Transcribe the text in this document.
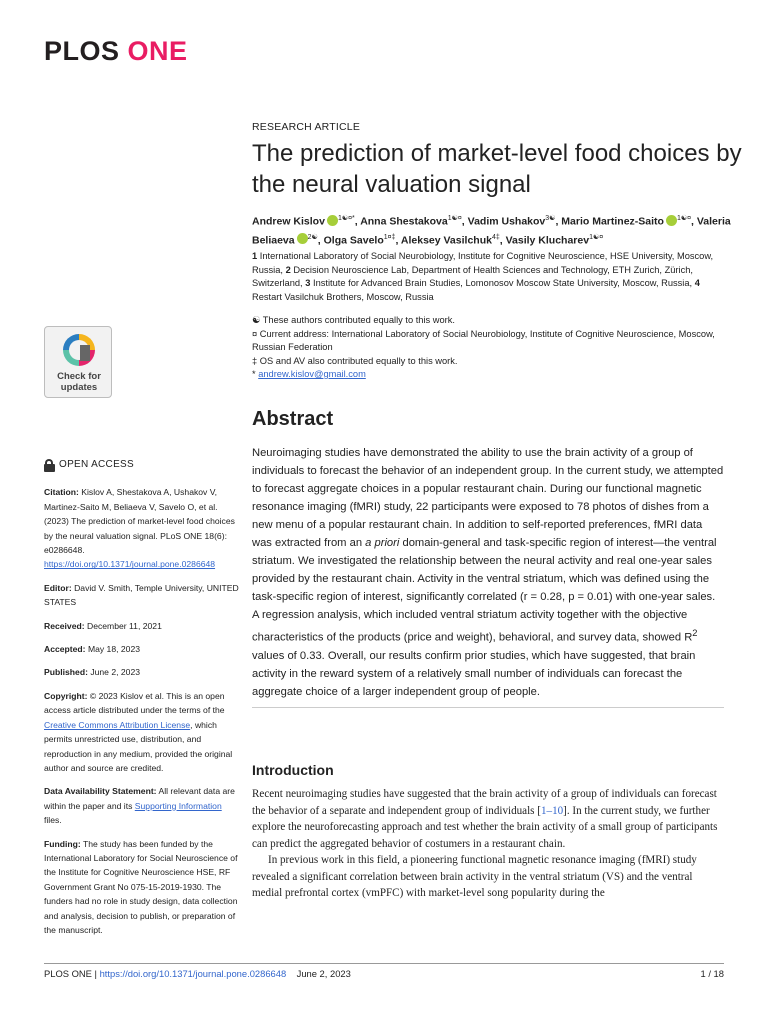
PLOS ONE
RESEARCH ARTICLE
The prediction of market-level food choices by the neural valuation signal
Andrew Kislov $^{1☯¤*}$, Anna Shestakova$^{1☯¤}$, Vadim Ushakov$^{3☯}$, Mario Martinez-Saito $^{1☯¤}$, Valeria Beliaeva $^{2☯}$, Olga Savelo$^{1¤\ddagger}$, Aleksey Vasilchuk$^{4\ddagger}$, Vasily Klucharev$^{1☯¤}$
1 International Laboratory of Social Neurobiology, Institute for Cognitive Neuroscience, HSE University, Moscow, Russia, 2 Decision Neuroscience Lab, Department of Health Sciences and Technology, ETH Zurich, Zürich, Switzerland, 3 Institute for Advanced Brain Studies, Lomonosov Moscow State University, Moscow, Russia, 4 Restart Vasilchuk Brothers, Moscow, Russia
☯ These authors contributed equally to this work.
¤ Current address: International Laboratory of Social Neurobiology, Institute of Cognitive Neuroscience, Moscow, Russian Federation
‡ OS and AV also contributed equally to this work.
* andrew.kislov@gmail.com
Check for
updates
OPEN ACCESS
Citation: Kislov A, Shestakova A, Ushakov V, Martinez-Saito M, Beliaeva V, Savelo O, et al. (2023) The prediction of market-level food choices by the neural valuation signal. PLoS ONE 18(6): e0286648. https://doi.org/10.1371/journal.pone.0286648
Editor: David V. Smith, Temple University, UNITED STATES
Received: December 11, 2021
Accepted: May 18, 2023
Published: June 2, 2023
Copyright: © 2023 Kislov et al. This is an open access article distributed under the terms of the Creative Commons Attribution License, which permits unrestricted use, distribution, and reproduction in any medium, provided the original author and source are credited.
Data Availability Statement: All relevant data are within the paper and its Supporting Information files.
Funding: The study has been funded by the International Laboratory for Social Neuroscience of the Institute for Cognitive Neuroscience HSE, RF Government Grant No 075-15-2019-1930. The funders had no role in study design, data collection and analysis, decision to publish, or preparation of the manuscript.
Abstract
Neuroimaging studies have demonstrated the ability to use the brain activity of a group of individuals to forecast the behavior of an independent group. In the current study, we attempted to forecast aggregate choices in a popular restaurant chain. During our functional magnetic resonance imaging (fMRI) study, 22 participants were exposed to 78 photos of dishes from a new menu of a popular restaurant chain. In addition to self-reported preferences, fMRI data was extracted from an a priori domain-general and task-specific region of interest—the ventral striatum. We investigated the relationship between the neural activity and real one-year sales provided by the restaurant chain. Activity in the ventral striatum, which was defined using the task-specific region of interest, significantly correlated (r = 0.28, p = 0.01) with one-year sales. A regression analysis, which included ventral striatum activity together with the objective characteristics of the products (price and weight), behavioral, and survey data, showed $R^2$ values of 0.33. Overall, our results confirm prior studies, which have suggested, that brain activity in the reward system of a relatively small number of individuals can forecast the aggregate choice of a larger independent group of people.
Introduction

Recent neuroimaging studies have suggested that the brain activity of a group of individuals can forecast the behavior of a separate and independent group of individuals [1–10]. In the current study, we further explore the neuroforecasting approach and test whether the brain activity of a small group of participants can predict the aggregated behavior of costumers in a restaurant chain.

In previous work in this field, a pioneering functional magnetic resonance imaging (fMRI) study revealed a significant correlation between brain activity in the ventral striatum (VS) and the ventral medial prefrontal cortex (vmPFC) with market-level song popularity during the

PLOS ONE | https://doi.org/10.1371/journal.pone.0286648 June 2, 2023	1 / 18
